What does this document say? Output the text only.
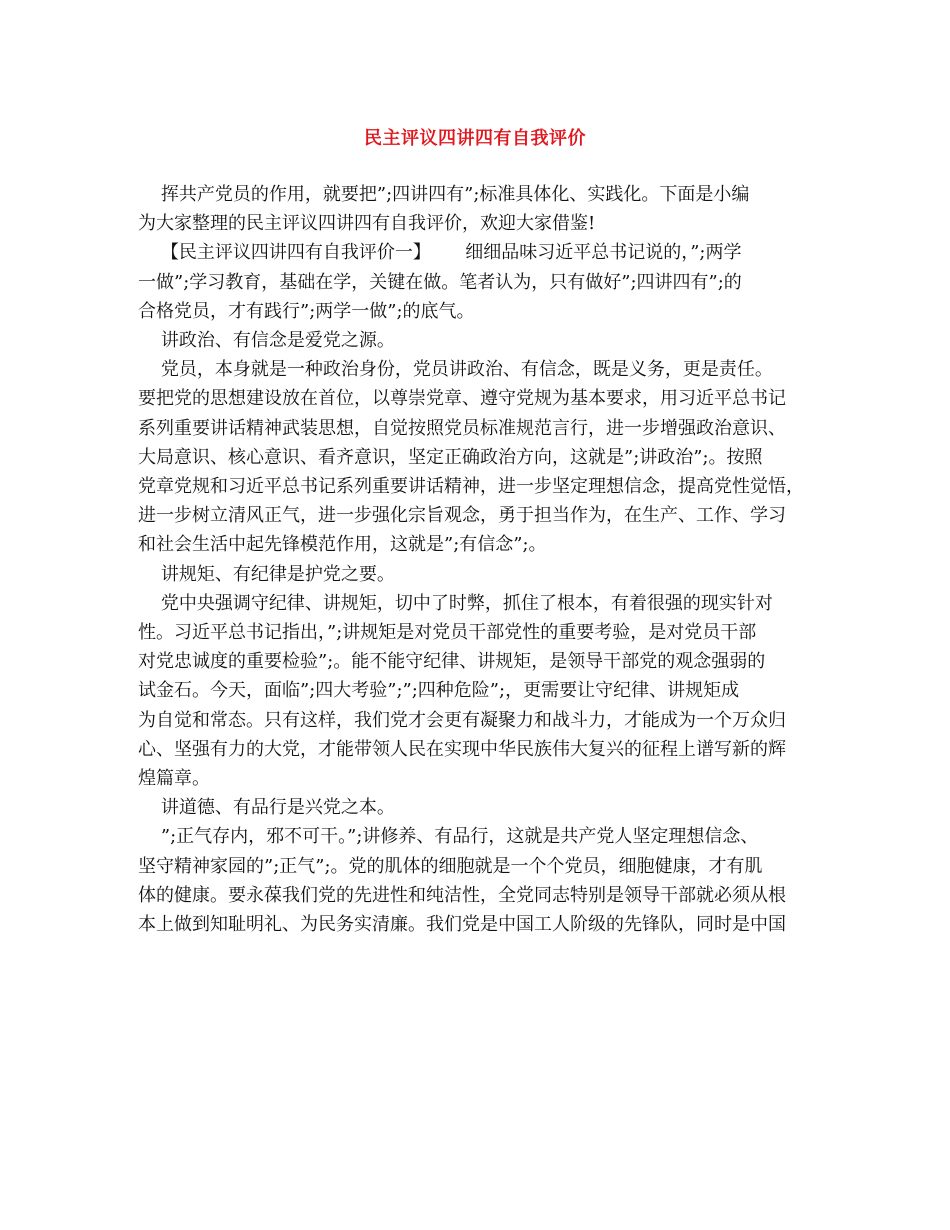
民主评议四讲四有自我评价

挥共产党员的作用，就要把”;四讲四有”;标准具体化、实践化。下面是小编

为大家整理的民主评议四讲四有自我评价，欢迎大家借鉴!

【民主评议四讲四有自我评价一】      细细品味习近平总书记说的，”;两学

一做”;学习教育，基础在学，关键在做。笔者认为，只有做好”;四讲四有”;的

合格党员，才有践行”;两学一做”;的底气。

讲政治、有信念是爱党之源。

党员，本身就是一种政治身份，党员讲政治、有信念，既是义务，更是责任。

要把党的思想建设放在首位，以尊崇党章、遵守党规为基本要求，用习近平总书记

系列重要讲话精神武装思想，自觉按照党员标准规范言行，进一步增强政治意识、

大局意识、核心意识、看齐意识，坚定正确政治方向，这就是”;讲政治”;。按照

党章党规和习近平总书记系列重要讲话精神，进一步坚定理想信念，提高党性觉悟，

进一步树立清风正气，进一步强化宗旨观念，勇于担当作为，在生产、工作、学习

和社会生活中起先锋模范作用，这就是”;有信念”;。

讲规矩、有纪律是护党之要。

党中央强调守纪律、讲规矩，切中了时弊，抓住了根本，有着很强的现实针对

性。习近平总书记指出，”;讲规矩是对党员干部党性的重要考验，是对党员干部

对党忠诚度的重要检验”;。能不能守纪律、讲规矩，是领导干部党的观念强弱的

试金石。今天，面临”;四大考验”;”;四种危险”;，更需要让守纪律、讲规矩成

为自觉和常态。只有这样，我们党才会更有凝聚力和战斗力，才能成为一个万众归

心、坚强有力的大党，才能带领人民在实现中华民族伟大复兴的征程上谱写新的辉

煌篇章。

讲道德、有品行是兴党之本。

”;正气存内，邪不可干。”;讲修养、有品行，这就是共产党人坚定理想信念、

坚守精神家园的”;正气”;。党的肌体的细胞就是一个个党员，细胞健康，才有肌

体的健康。要永葆我们党的先进性和纯洁性，全党同志特别是领导干部就必须从根

本上做到知耻明礼、为民务实清廉。我们党是中国工人阶级的先锋队，同时是中国
